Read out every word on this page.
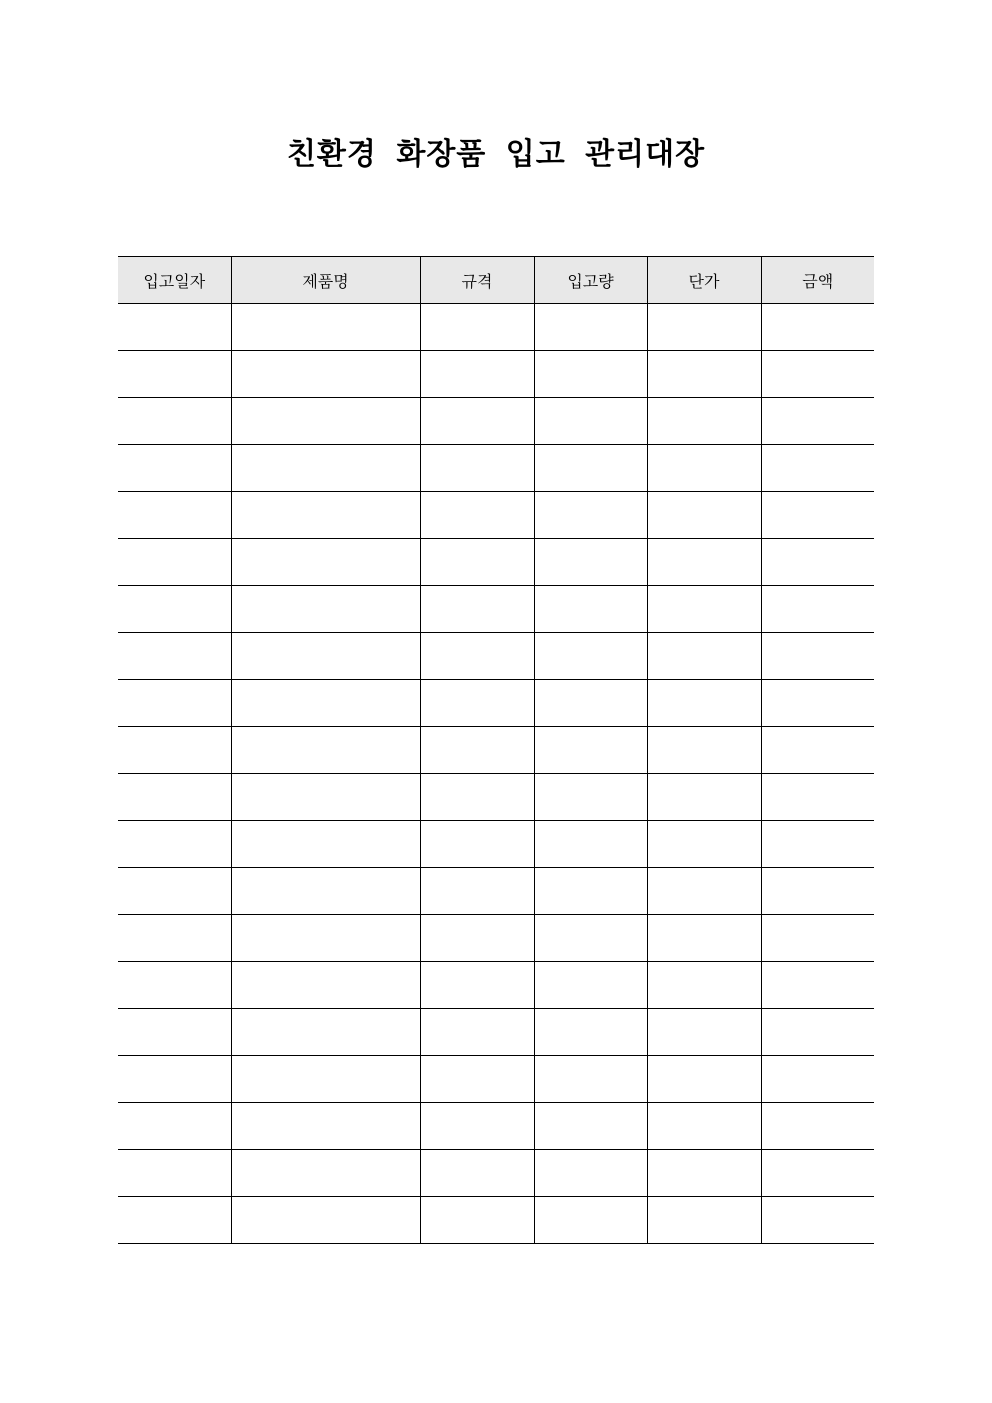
친환경 화장품 입고 관리대장
입고일자	제품명	규격	입고량	단가	금액
